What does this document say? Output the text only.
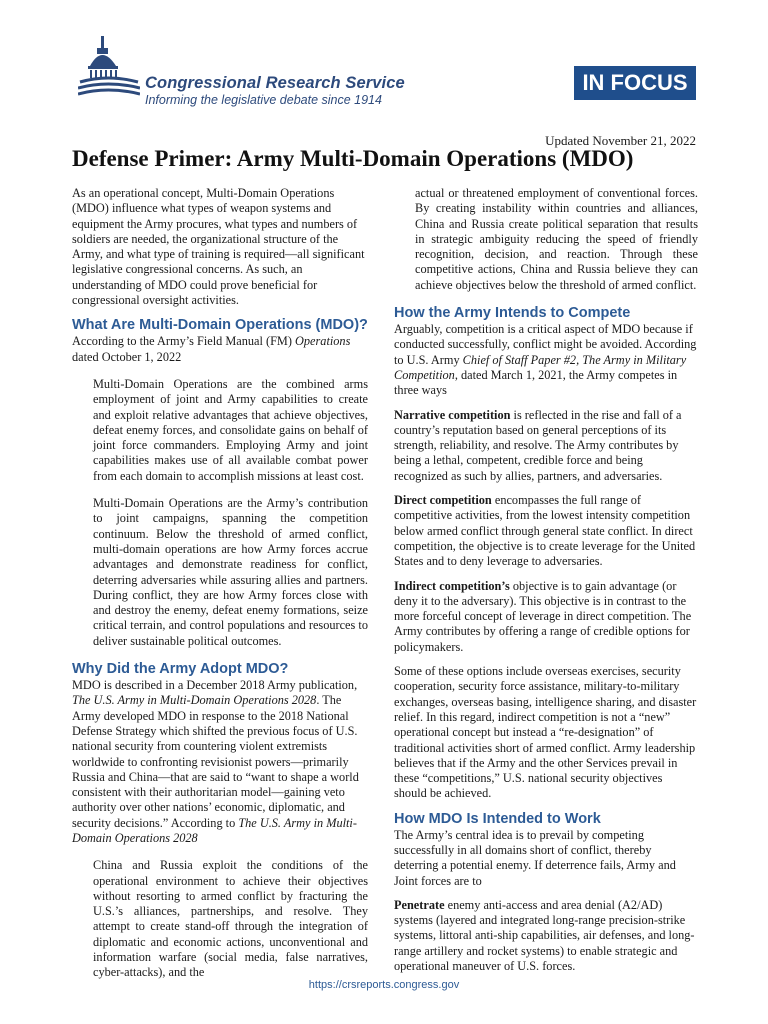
Congressional Research Service
Informing the legislative debate since 1914
IN FOCUS
Updated November 21, 2022
Defense Primer: Army Multi-Domain Operations (MDO)

As an operational concept, Multi-Domain Operations (MDO) influence what types of weapon systems and equipment the Army procures, what types and numbers of soldiers are needed, the organizational structure of the Army, and what type of training is required—all significant legislative congressional concerns. As such, an understanding of MDO could prove beneficial for congressional oversight activities.

What Are Multi-Domain Operations (MDO)?

According to the Army’s Field Manual (FM) Operations dated October 1, 2022

Multi-Domain Operations are the combined arms employment of joint and Army capabilities to create and exploit relative advantages that achieve objectives, defeat enemy forces, and consolidate gains on behalf of joint force commanders. Employing Army and joint capabilities makes use of all available combat power from each domain to accomplish missions at least cost.

Multi-Domain Operations are the Army’s contribution to joint campaigns, spanning the competition continuum. Below the threshold of armed conflict, multi-domain operations are how Army forces accrue advantages and demonstrate readiness for conflict, deterring adversaries while assuring allies and partners. During conflict, they are how Army forces close with and destroy the enemy, defeat enemy formations, seize critical terrain, and control populations and resources to deliver sustainable political outcomes.

Why Did the Army Adopt MDO?

MDO is described in a December 2018 Army publication, The U.S. Army in Multi-Domain Operations 2028. The Army developed MDO in response to the 2018 National Defense Strategy which shifted the previous focus of U.S. national security from countering violent extremists worldwide to confronting revisionist powers—primarily Russia and China—that are said to “want to shape a world consistent with their authoritarian model—gaining veto authority over other nations’ economic, diplomatic, and security decisions.” According to The U.S. Army in Multi-Domain Operations 2028

China and Russia exploit the conditions of the operational environment to achieve their objectives without resorting to armed conflict by fracturing the U.S.’s alliances, partnerships, and resolve. They attempt to create stand-off through the integration of diplomatic and economic actions, unconventional and information warfare (social media, false narratives, cyber-attacks), and the

actual or threatened employment of conventional forces. By creating instability within countries and alliances, China and Russia create political separation that results in strategic ambiguity reducing the speed of friendly recognition, decision, and reaction. Through these competitive actions, China and Russia believe they can achieve objectives below the threshold of armed conflict.

How the Army Intends to Compete

Arguably, competition is a critical aspect of MDO because if conducted successfully, conflict might be avoided. According to U.S. Army Chief of Staff Paper #2, The Army in Military Competition, dated March 1, 2021, the Army competes in three ways

Narrative competition is reflected in the rise and fall of a country’s reputation based on general perceptions of its strength, reliability, and resolve. The Army contributes by being a lethal, competent, credible force and being recognized as such by allies, partners, and adversaries.

Direct competition encompasses the full range of competitive activities, from the lowest intensity competition below armed conflict through general state conflict. In direct competition, the objective is to create leverage for the United States and to deny leverage to adversaries.

Indirect competition’s objective is to gain advantage (or deny it to the adversary). This objective is in contrast to the more forceful concept of leverage in direct competition. The Army contributes by offering a range of credible options for policymakers.

Some of these options include overseas exercises, security cooperation, security force assistance, military-to-military exchanges, overseas basing, intelligence sharing, and disaster relief. In this regard, indirect competition is not a “new” operational concept but instead a “re-designation” of traditional activities short of armed conflict. Army leadership believes that if the Army and the other Services prevail in these “competitions,” U.S. national security objectives should be achieved.

How MDO Is Intended to Work

The Army’s central idea is to prevail by competing successfully in all domains short of conflict, thereby deterring a potential enemy. If deterrence fails, Army and Joint forces are to

Penetrate enemy anti-access and area denial (A2/AD) systems (layered and integrated long-range precision-strike systems, littoral anti-ship capabilities, air defenses, and long-range artillery and rocket systems) to enable strategic and operational maneuver of U.S. forces.

https://crsreports.congress.gov
